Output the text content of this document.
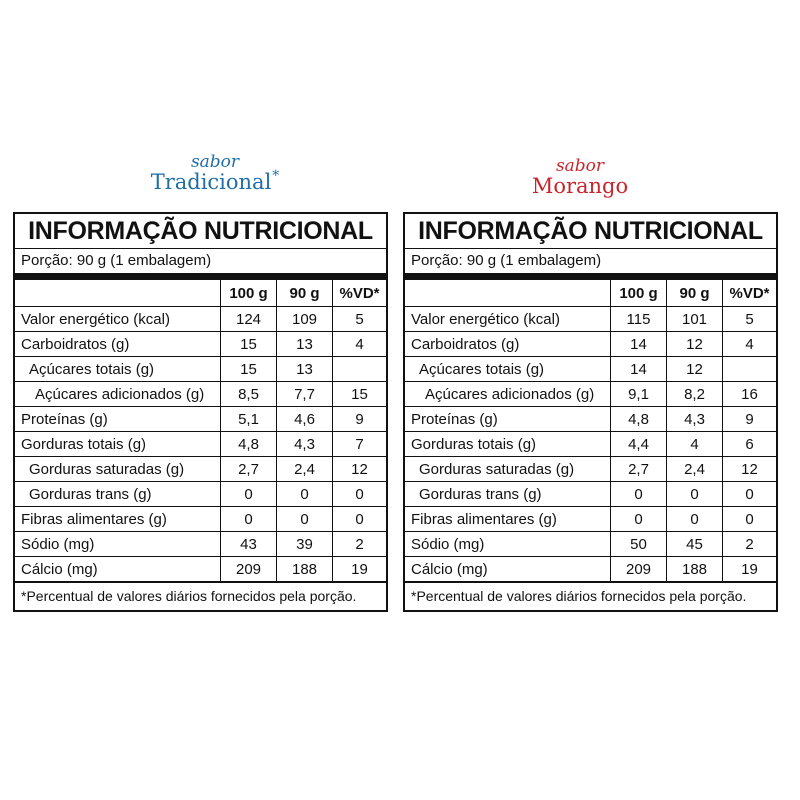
sabor
Tradicional*	sabor
Morango
INFORMAÇÃO NUTRICIONAL
Porção: 90 g (1 embalagem)
	100 g	90 g	%VD*
Valor energético (kcal)	124	109	5
Carboidratos (g)	15	13	4
Açúcares totais (g)	15	13	
Açúcares adicionados (g)	8,5	7,7	15
Proteínas (g)	5,1	4,6	9
Gorduras totais (g)	4,8	4,3	7
Gorduras saturadas (g)	2,7	2,4	12
Gorduras trans (g)	0	0	0
Fibras alimentares (g)	0	0	0
Sódio (mg)	43	39	2
Cálcio (mg)	209	188	19
*Percentual de valores diários fornecidos pela porção.
INFORMAÇÃO NUTRICIONAL
Porção: 90 g (1 embalagem)
	100 g	90 g	%VD*
Valor energético (kcal)	115	101	5
Carboidratos (g)	14	12	4
Açúcares totais (g)	14	12	
Açúcares adicionados (g)	9,1	8,2	16
Proteínas (g)	4,8	4,3	9
Gorduras totais (g)	4,4	4	6
Gorduras saturadas (g)	2,7	2,4	12
Gorduras trans (g)	0	0	0
Fibras alimentares (g)	0	0	0
Sódio (mg)	50	45	2
Cálcio (mg)	209	188	19
*Percentual de valores diários fornecidos pela porção.
